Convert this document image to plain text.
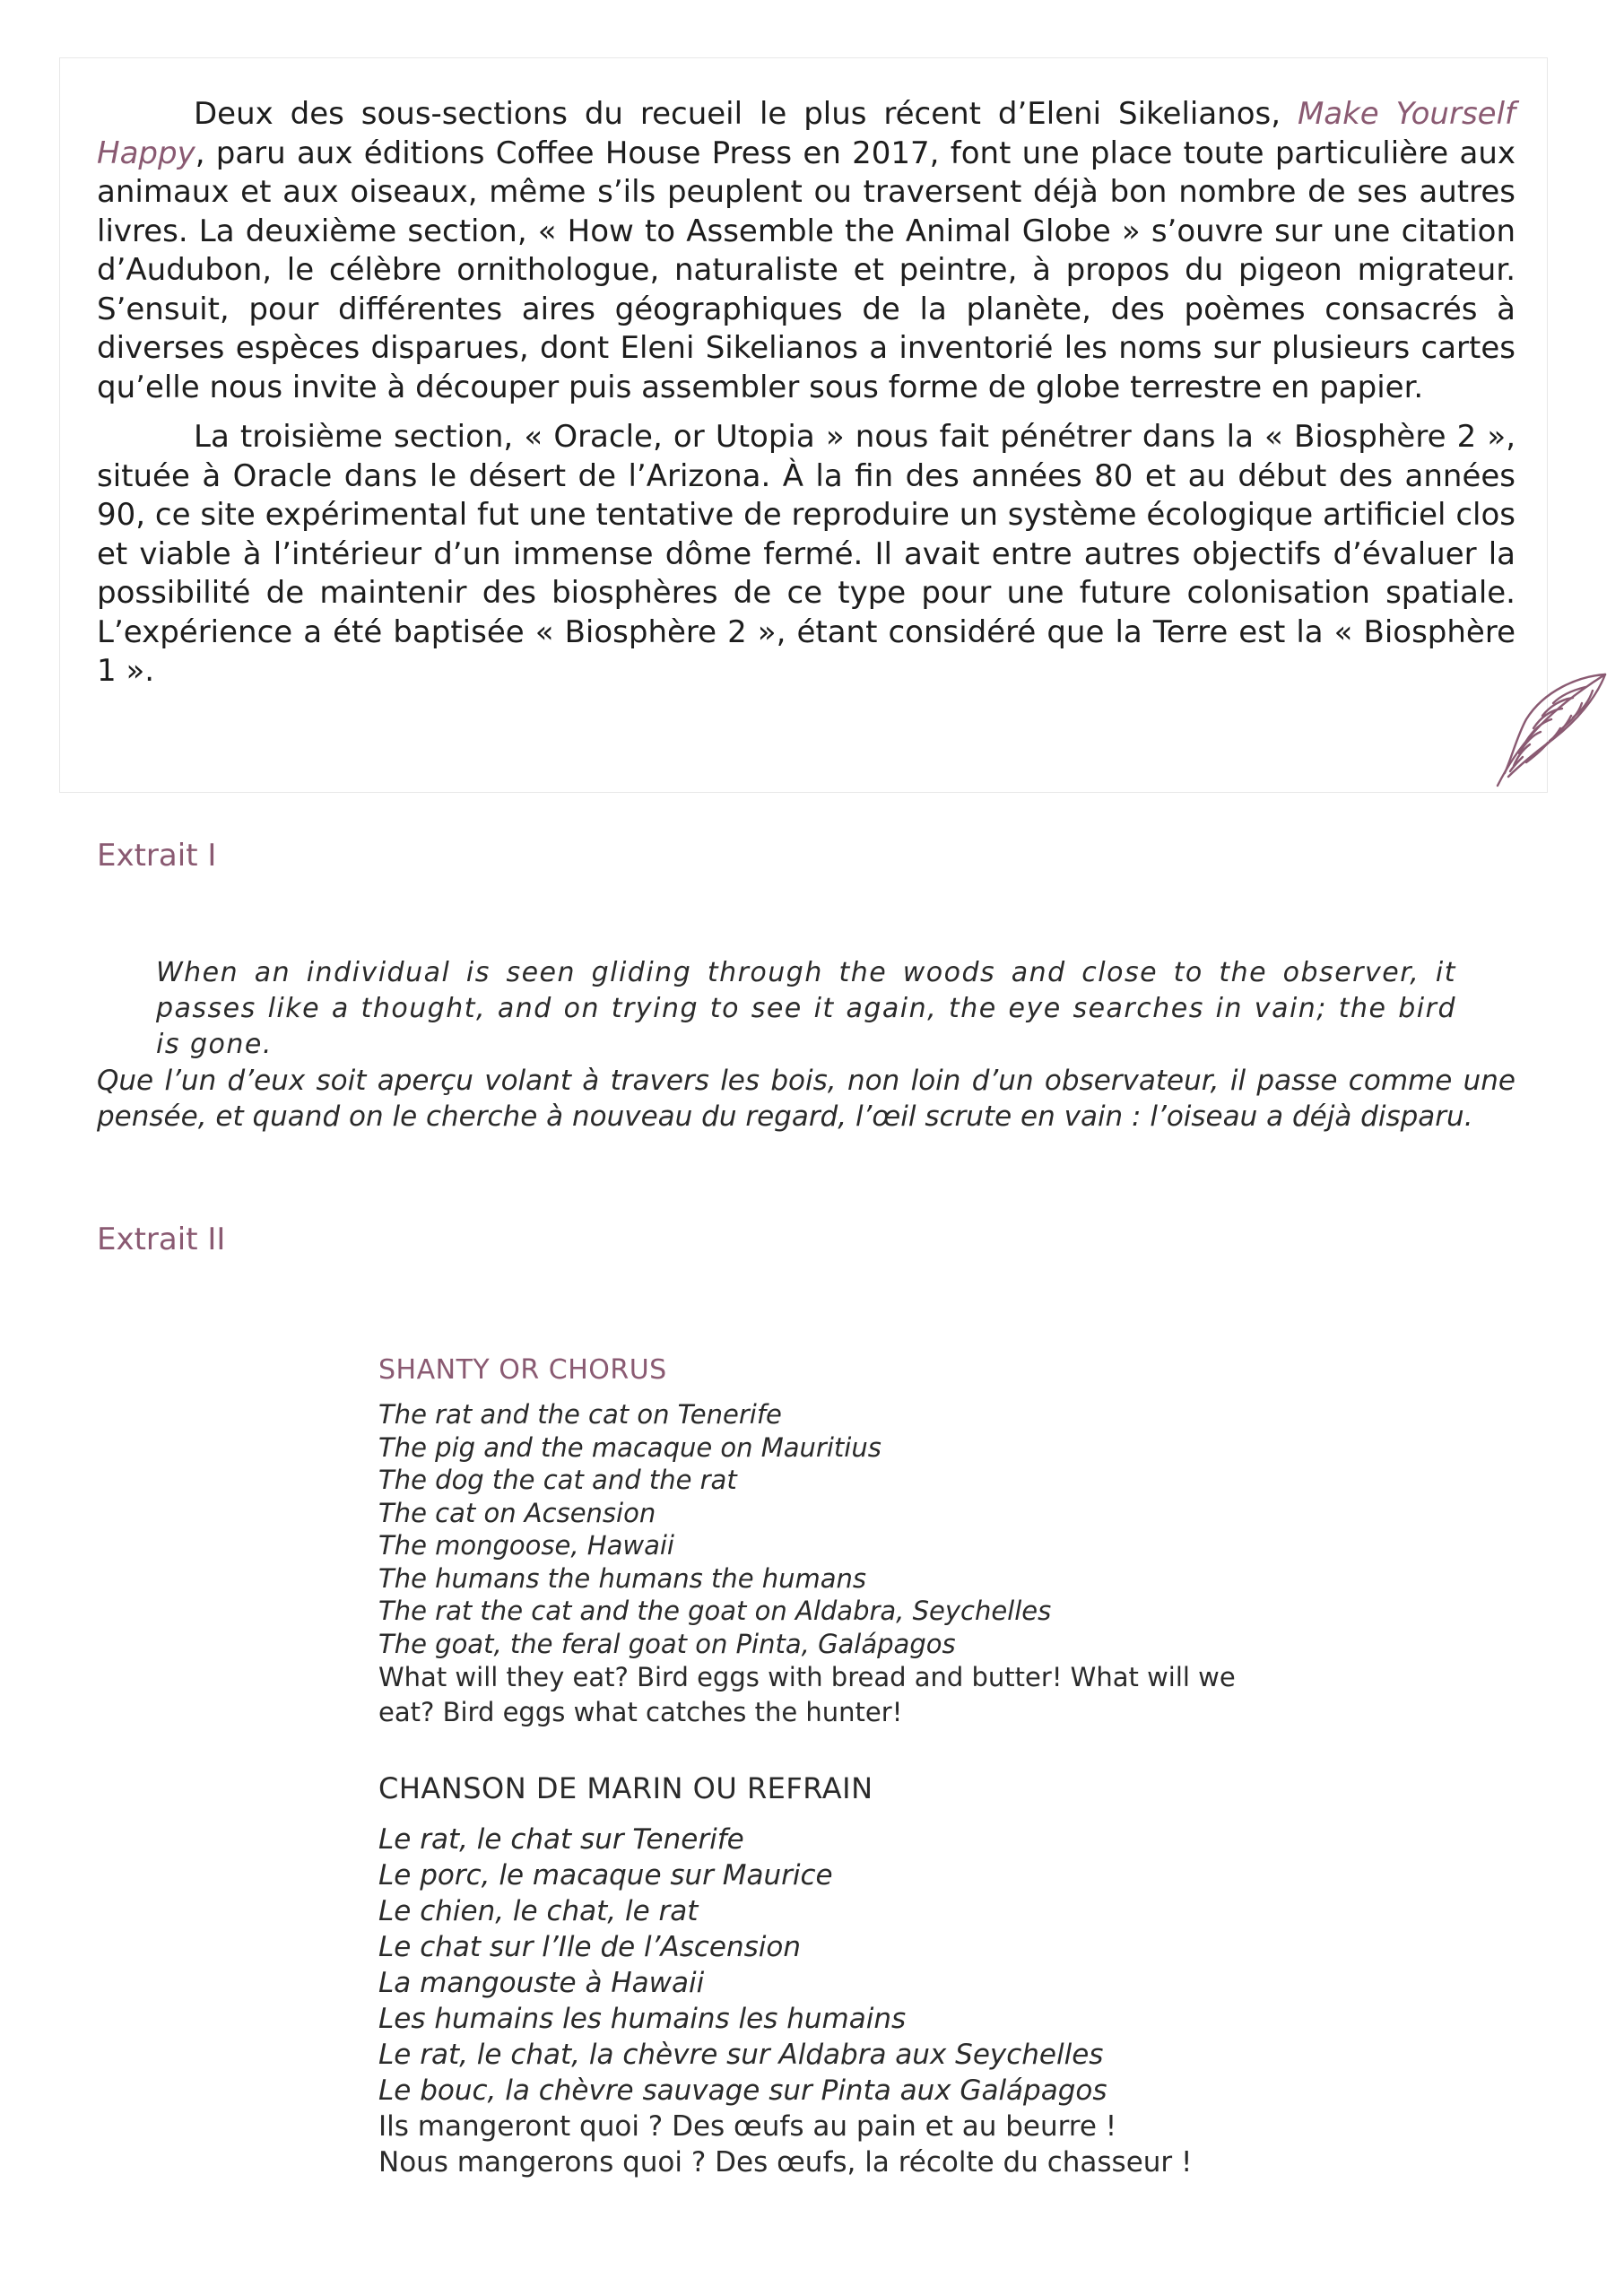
Deux des sous-sections du recueil le plus récent d’Eleni Sikelianos, Make Yourself Happy, paru aux éditions Coffee House Press en 2017, font une place toute particulière aux animaux et aux oiseaux, même s’ils peuplent ou traversent déjà bon nombre de ses autres livres. La deuxième section, « How to Assemble the Animal Globe » s’ouvre sur une citation d’Audubon, le célèbre ornithologue, naturaliste et peintre, à propos du pigeon migrateur. S’ensuit, pour différentes aires géographiques de la planète, des poèmes consacrés à diverses espèces disparues, dont Eleni Sikelianos a inventorié les noms sur plusieurs cartes qu’elle nous invite à découper puis assembler sous forme de globe terrestre en papier.

La troisième section, « Oracle, or Utopia » nous fait pénétrer dans la « Biosphère 2 », située à Oracle dans le désert de l’Arizona. À la fin des années 80 et au début des années 90, ce site expérimental fut une tentative de reproduire un système écologique artificiel clos et viable à l’intérieur d’un immense dôme fermé. Il avait entre autres objectifs d’évaluer la possibilité de maintenir des biosphères de ce type pour une future colonisation spatiale. L’expérience a été baptisée « Biosphère 2 », étant considéré que la Terre est la « Biosphère 1 ».

Extrait I
When an individual is seen gliding through the woods and close to the observer, it passes like a thought, and on trying to see it again, the eye searches in vain; the bird is gone.
Que l’un d’eux soit aperçu volant à travers les bois, non loin d’un observateur, il passe comme une pensée, et quand on le cherche à nouveau du regard, l’œil scrute en vain : l’oiseau a déjà disparu.
Extrait II
SHANTY OR CHORUS
The rat and the cat on Tenerife
The pig and the macaque on Mauritius
The dog the cat and the rat
The cat on Acsension
The mongoose, Hawaii
The humans the humans the humans
The rat the cat and the goat on Aldabra, Seychelles
The goat, the feral goat on Pinta, Galápagos
What will they eat? Bird eggs with bread and butter! What will we eat? Bird eggs what catches the hunter!
CHANSON DE MARIN OU REFRAIN
Le rat, le chat sur Tenerife
Le porc, le macaque sur Maurice
Le chien, le chat, le rat
Le chat sur l’Ile de l’Ascension
La mangouste à Hawaii
Les humains les humains les humains
Le rat, le chat, la chèvre sur Aldabra aux Seychelles
Le bouc, la chèvre sauvage sur Pinta aux Galápagos
Ils mangeront quoi ? Des œufs au pain et au beurre !
Nous mangerons quoi ? Des œufs, la récolte du chasseur !
